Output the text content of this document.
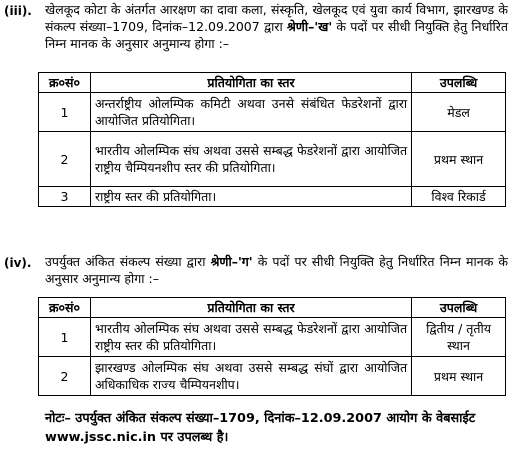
(iii). खेलकूद कोटा के अंतर्गत आरक्षण का दावा कला, संस्कृति, खेलकूद एवं युवा कार्य विभाग, झारखण्ड के संकल्प संख्या–1709, दिनांक–12.09.2007 द्वारा श्रेणी–'ख' के पदों पर सीधी नियुक्ति हेतु निर्धारित निम्न मानक के अनुसार अनुमान्य होगा :–
क्र०सं०	प्रतियोगिता का स्तर	उपलब्धि
1	अन्तर्राष्ट्रीय ओलम्पिक कमिटी अथवा उनसे संबंधित फेडरेशनों द्वारा आयोजित प्रतियोगिता।	मेडल
2	भारतीय ओलम्पिक संघ अथवा उससे सम्बद्ध फेडरेशनों द्वारा आयोजित राष्ट्रीय चैम्पियनशीप स्तर की प्रतियोगिता।	प्रथम स्थान
3	राष्ट्रीय स्तर की प्रतियोगिता।	विश्व रिकार्ड
(iv). उपर्युक्त अंकित संकल्प संख्या द्वारा श्रेणी–'ग' के पदों पर सीधी नियुक्ति हेतु निर्धारित निम्न मानक के अनुसार अनुमान्य होगा :–
क्र०सं०	प्रतियोगिता का स्तर	उपलब्धि
1	भारतीय ओलम्पिक संघ अथवा उससे सम्बद्ध फेडरेशनों द्वारा आयोजित राष्ट्रीय स्तर की प्रतियोगिता।	द्वितीय / तृतीय स्थान
2	झारखण्ड ओलम्पिक संघ अथवा उससे सम्बद्ध संघों द्वारा आयोजित अधिकाधिक राज्य चैम्पियनशीप।	प्रथम स्थान
नोटः– उपर्युक्त अंकित संकल्प संख्या–1709, दिनांक–12.09.2007 आयोग के वेबसाईट www.jssc.nic.in पर उपलब्ध है।
